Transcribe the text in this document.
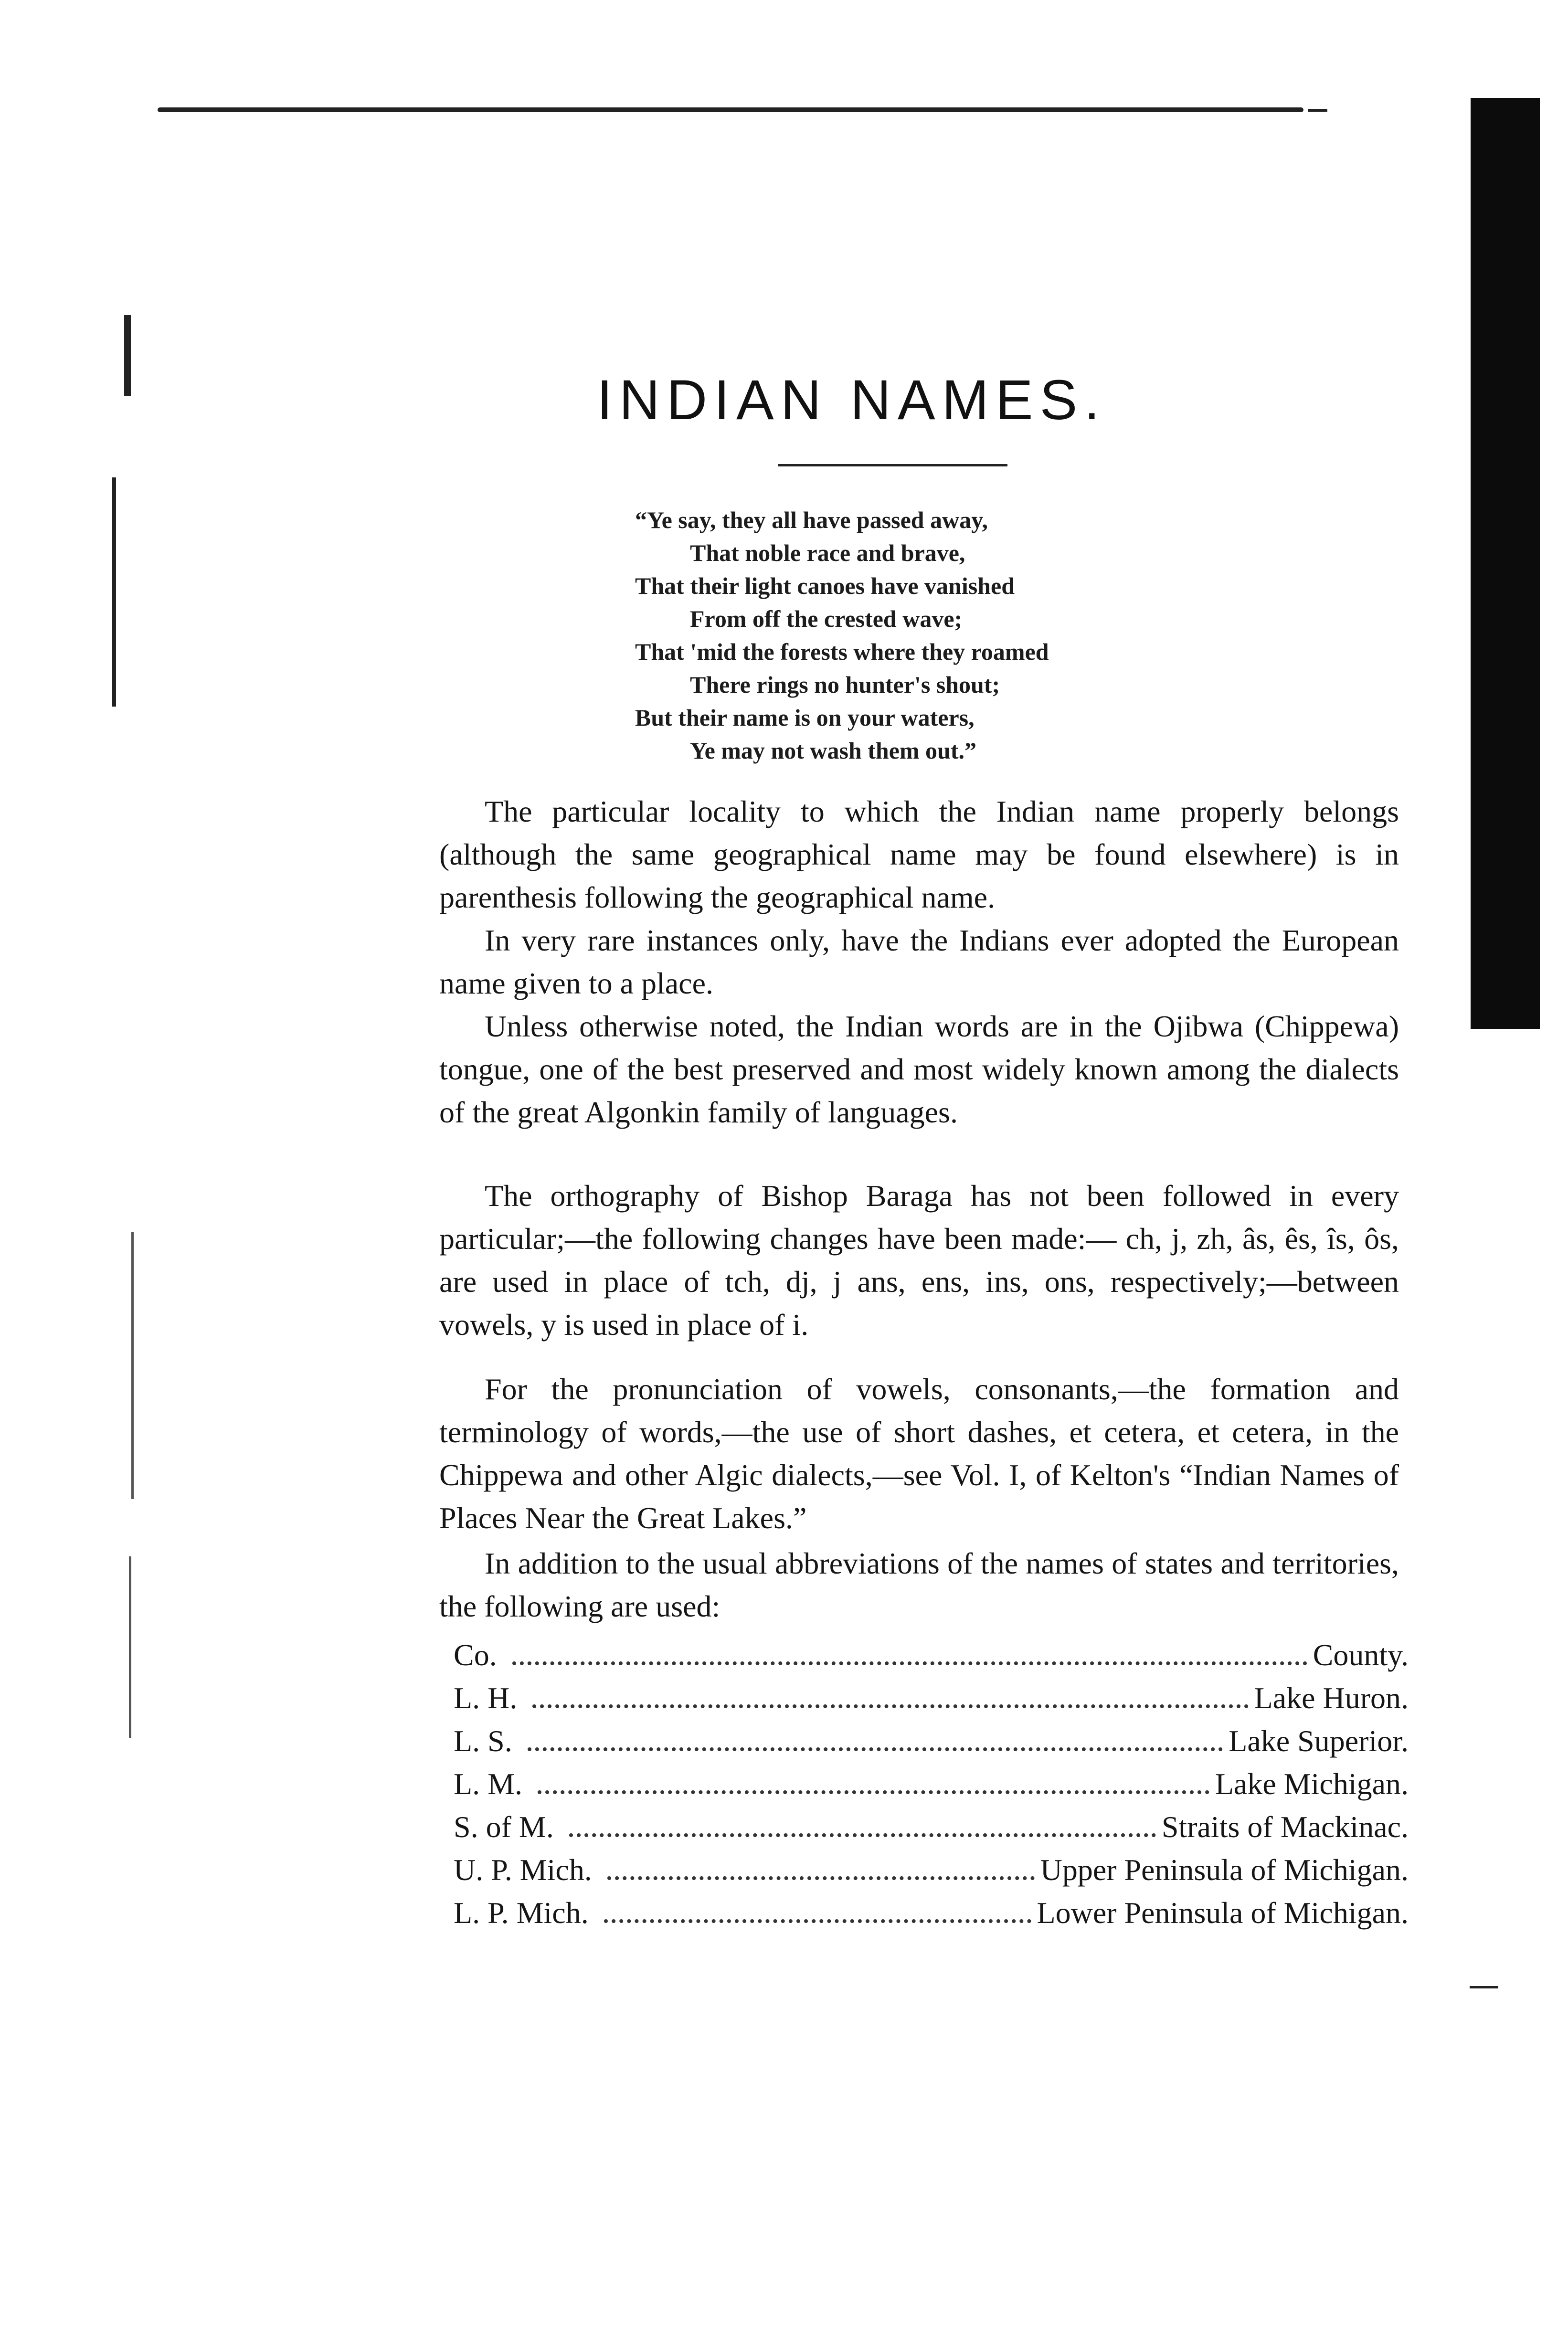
INDIAN NAMES.
“Ye say, they all have passed away,
That noble race and brave,
That their light canoes have vanished
From off the crested wave;
That 'mid the forests where they roamed
There rings no hunter's shout;
But their name is on your waters,
Ye may not wash them out.”
The particular locality to which the Indian name properly belongs (although the same geographical name may be found elsewhere) is in parenthesis following the geographical name.
In very rare instances only, have the Indians ever adopted the European name given to a place.
Unless otherwise noted, the Indian words are in the Ojibwa (Chippewa) tongue, one of the best preserved and most widely known among the dialects of the great Algonkin family of languages.
The orthography of Bishop Baraga has not been followed in every particular;—the following changes have been made:— ch, j, zh, âs, ês, îs, ôs, are used in place of tch, dj, j ans, ens, ins, ons, respectively;—between vowels, y is used in place of i.
For the pronunciation of vowels, consonants,—the formation and terminology of words,—the use of short dashes, et cetera, et cetera, in the Chippewa and other Algic dialects,—see Vol. I, of Kelton's “Indian Names of Places Near the Great Lakes.”
In addition to the usual abbreviations of the names of states and territories, the following are used:
Co.	County.
L. H.	Lake Huron.
L. S.	Lake Superior.
L. M.	Lake Michigan.
S. of M.	Straits of Mackinac.
U. P. Mich.	Upper Peninsula of Michigan.
L. P. Mich.	Lower Peninsula of Michigan.
